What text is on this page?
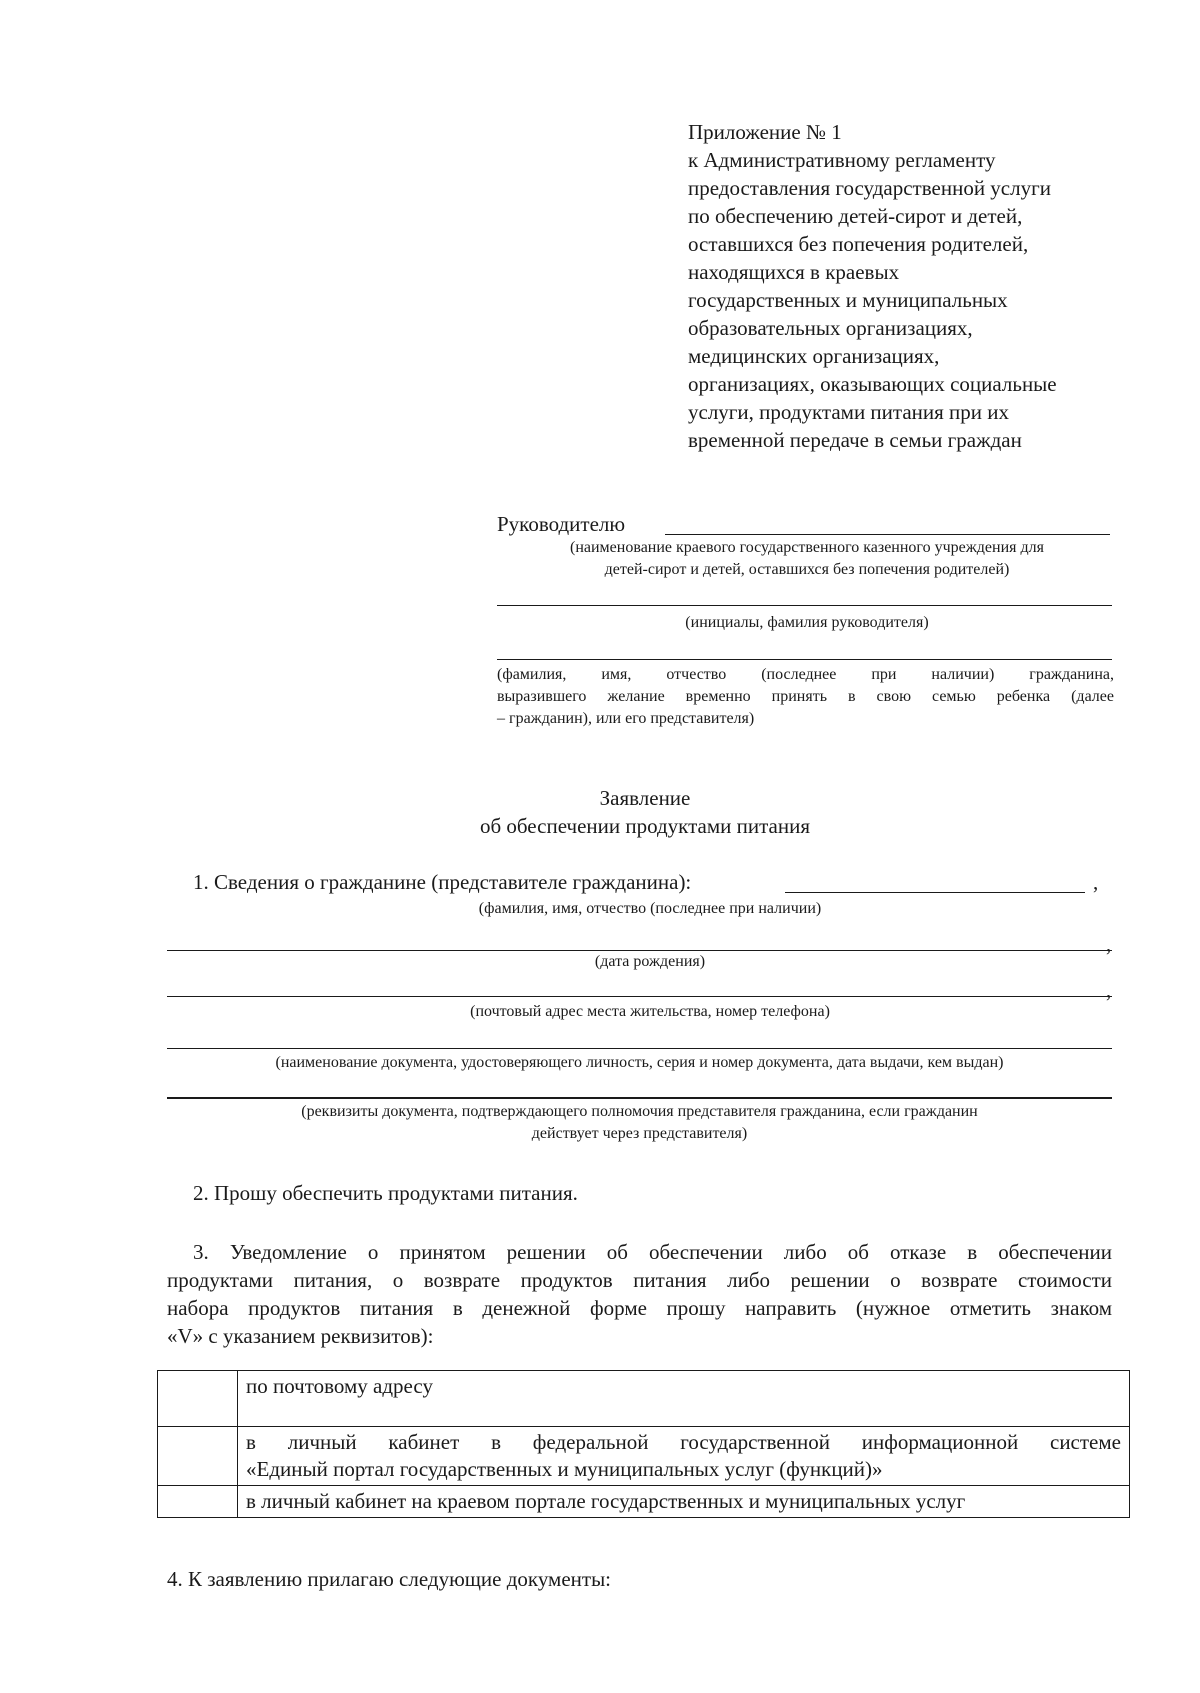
Приложение № 1
к Административному регламенту
предоставления государственной услуги
по обеспечению детей-сирот и детей,
оставшихся без попечения родителей,
находящихся в краевых
государственных и муниципальных
образовательных организациях,
медицинских организациях,
организациях, оказывающих социальные
услуги, продуктами питания при их
временной передаче в семьи граждан
Руководителю
(наименование краевого государственного казенного учреждения для
детей-сирот и детей, оставшихся без попечения родителей)
(инициалы, фамилия руководителя)
(фамилия, имя, отчество (последнее при наличии) гражданина,
выразившего желание временно принять в свою семью ребенка (далее
– гражданин), или его представителя)
Заявление
об обеспечении продуктами питания
1. Сведения о гражданине (представителе гражданина):	,
(фамилия, имя, отчество (последнее при наличии)
,
(дата рождения)
,
(почтовый адрес места жительства, номер телефона)
(наименование документа, удостоверяющего личность, серия и номер документа, дата выдачи, кем выдан)
(реквизиты документа, подтверждающего полномочия представителя гражданина, если гражданин
действует через представителя)
2. Прошу обеспечить продуктами питания.
3. Уведомление о принятом решении об обеспечении либо об отказе в обеспечении
продуктами питания, о возврате продуктов питания либо решении о возврате стоимости
набора продуктов питания в денежной форме прошу направить (нужное отметить знаком
«V» с указанием реквизитов):
	по почтовому адресу

	в личный кабинет в федеральной государственной информационной системе
«Единый портал государственных и муниципальных услуг (функций)»

	в личный кабинет на краевом портале государственных и муниципальных услуг
4. К заявлению прилагаю следующие документы:
